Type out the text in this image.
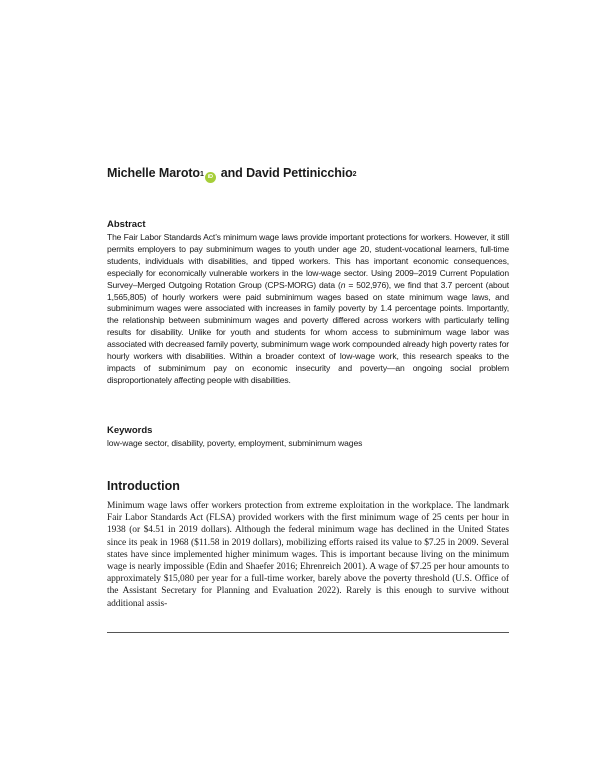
Michelle Maroto$^1$ iD and
David Pettinicchio$^2$
Abstract

The Fair Labor Standards Act’s minimum wage laws provide important protections for workers. However, it still permits employers to pay subminimum wages to youth under age 20, student-vocational learners, full-time students, individuals with disabilities, and tipped workers. This has important economic consequences, especially for economically vulnerable workers in the low-wage sector. Using 2009–2019 Current Population Survey–Merged Outgoing Rotation Group (CPS-MORG) data (n = 502,976), we find that 3.7 percent (about 1,565,805) of hourly workers were paid subminimum wages based on state minimum wage laws, and subminimum wages were associated with increases in family poverty by 1.4 percentage points. Importantly, the relationship between subminimum wages and poverty differed across workers with particularly telling results for disability. Unlike for youth and students for whom access to subminimum wage labor was associated with decreased family poverty, subminimum wage work compounded already high poverty rates for hourly workers with disabilities. Within a broader context of low-wage work, this research speaks to the impacts of subminimum pay on economic insecurity and poverty—an ongoing social problem disproportionately affecting people with disabilities.

Keywords
low-wage sector, disability, poverty, employment, subminimum wages
Introduction

Minimum wage laws offer workers protection from extreme exploitation in the workplace. The landmark Fair Labor Standards Act (FLSA) provided workers with the first minimum wage of 25 cents per hour in 1938 (or $4.51 in 2019 dollars). Although the federal minimum wage has declined in the United States since its peak in 1968 ($11.58 in 2019 dollars), mobilizing efforts raised its value to $7.25 in 2009. Several states have since implemented higher minimum wages. This is important because living on the minimum wage is nearly impossible (Edin and Shaefer 2016; Ehrenreich 2001). A wage of $7.25 per hour amounts to approximately $15,080 per year for a full-time worker, barely above the poverty threshold (U.S. Office of the Assistant Secretary for Planning and Evaluation 2022). Rarely is this enough to survive without additional assis-
